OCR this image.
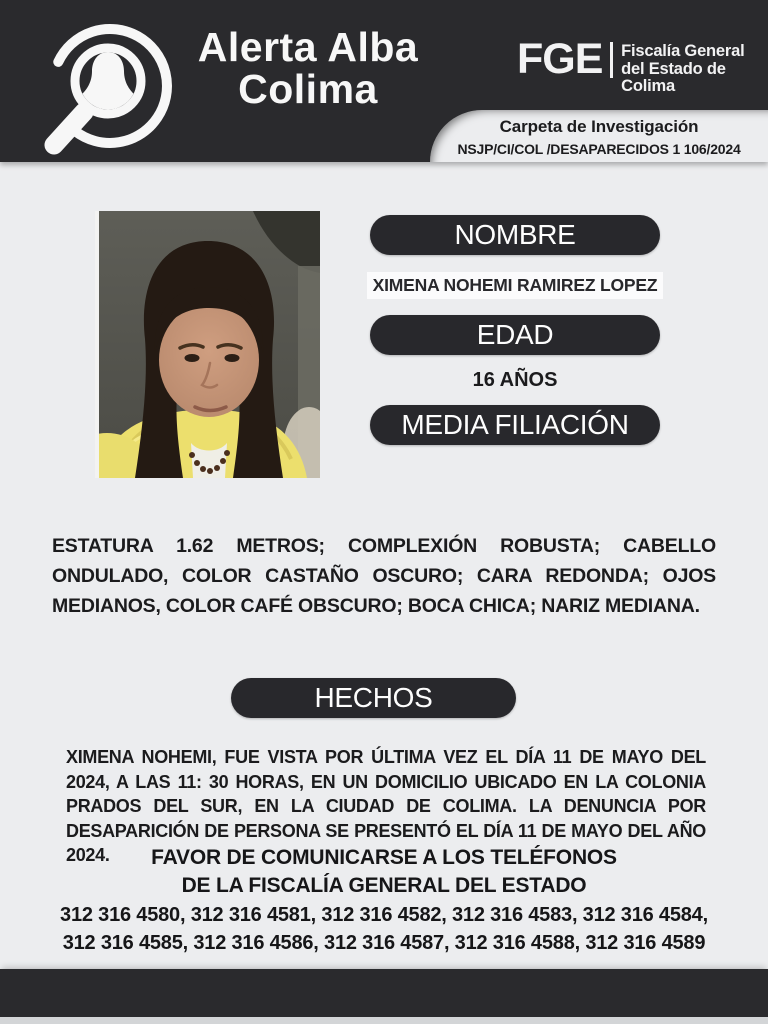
Alerta Alba
Colima
FGE Fiscalía General
del Estado de Colima
Carpeta de Investigación
NSJP/CI/COL /DESAPARECIDOS 1 106/2024
NOMBRE
XIMENA NOHEMI RAMIREZ LOPEZ
EDAD
16 AÑOS
MEDIA FILIACIÓN
ESTATURA 1.62 METROS; COMPLEXIÓN ROBUSTA; CABELLO ONDULADO, COLOR CASTAÑO OSCURO; CARA REDONDA; OJOS MEDIANOS, COLOR CAFÉ OBSCURO; BOCA CHICA; NARIZ MEDIANA.
HECHOS
XIMENA NOHEMI, FUE VISTA POR ÚLTIMA VEZ EL DÍA 11 DE MAYO DEL 2024, A LAS 11: 30 HORAS, EN UN DOMICILIO UBICADO EN LA COLONIA PRADOS DEL SUR, EN LA CIUDAD DE COLIMA. LA DENUNCIA POR DESAPARICIÓN DE PERSONA SE PRESENTÓ EL DÍA 11 DE MAYO DEL AÑO 2024.	FAVOR DE COMUNICARSE A LOS TELÉFONOS
DE LA FISCALÍA GENERAL DEL ESTADO
312 316 4580, 312 316 4581, 312 316 4582, 312 316 4583, 312 316 4584,
312 316 4585, 312 316 4586, 312 316 4587, 312 316 4588, 312 316 4589
